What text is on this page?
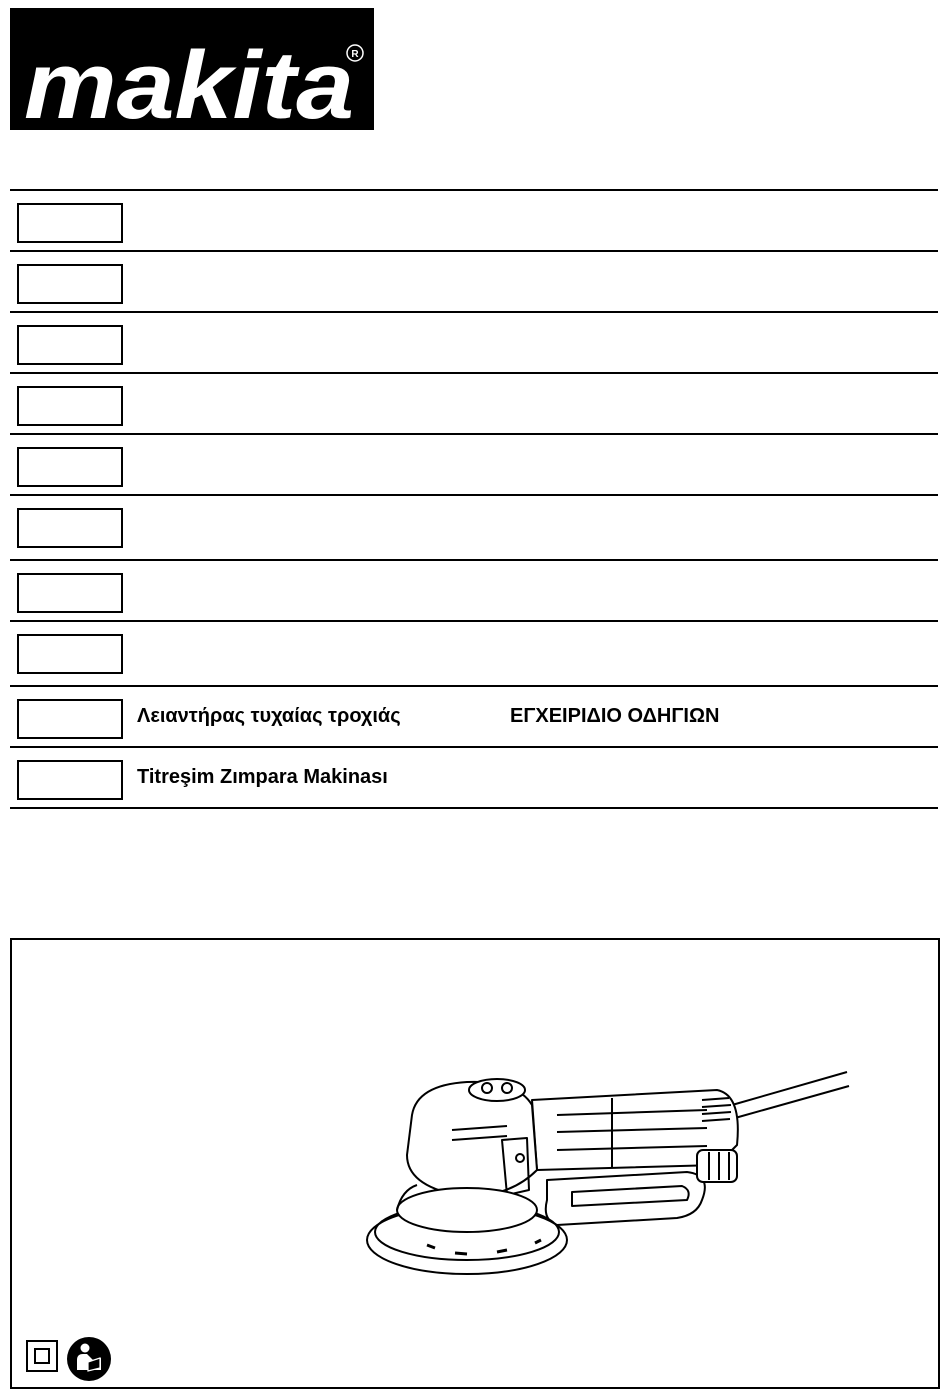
makita
R
Λειαντήρας τυχαίας τροχιάς	ΕΓΧΕΙΡΙΔΙΟ ΟΔΗΓΙΩΝ
Titreşim Zımpara Makinası
